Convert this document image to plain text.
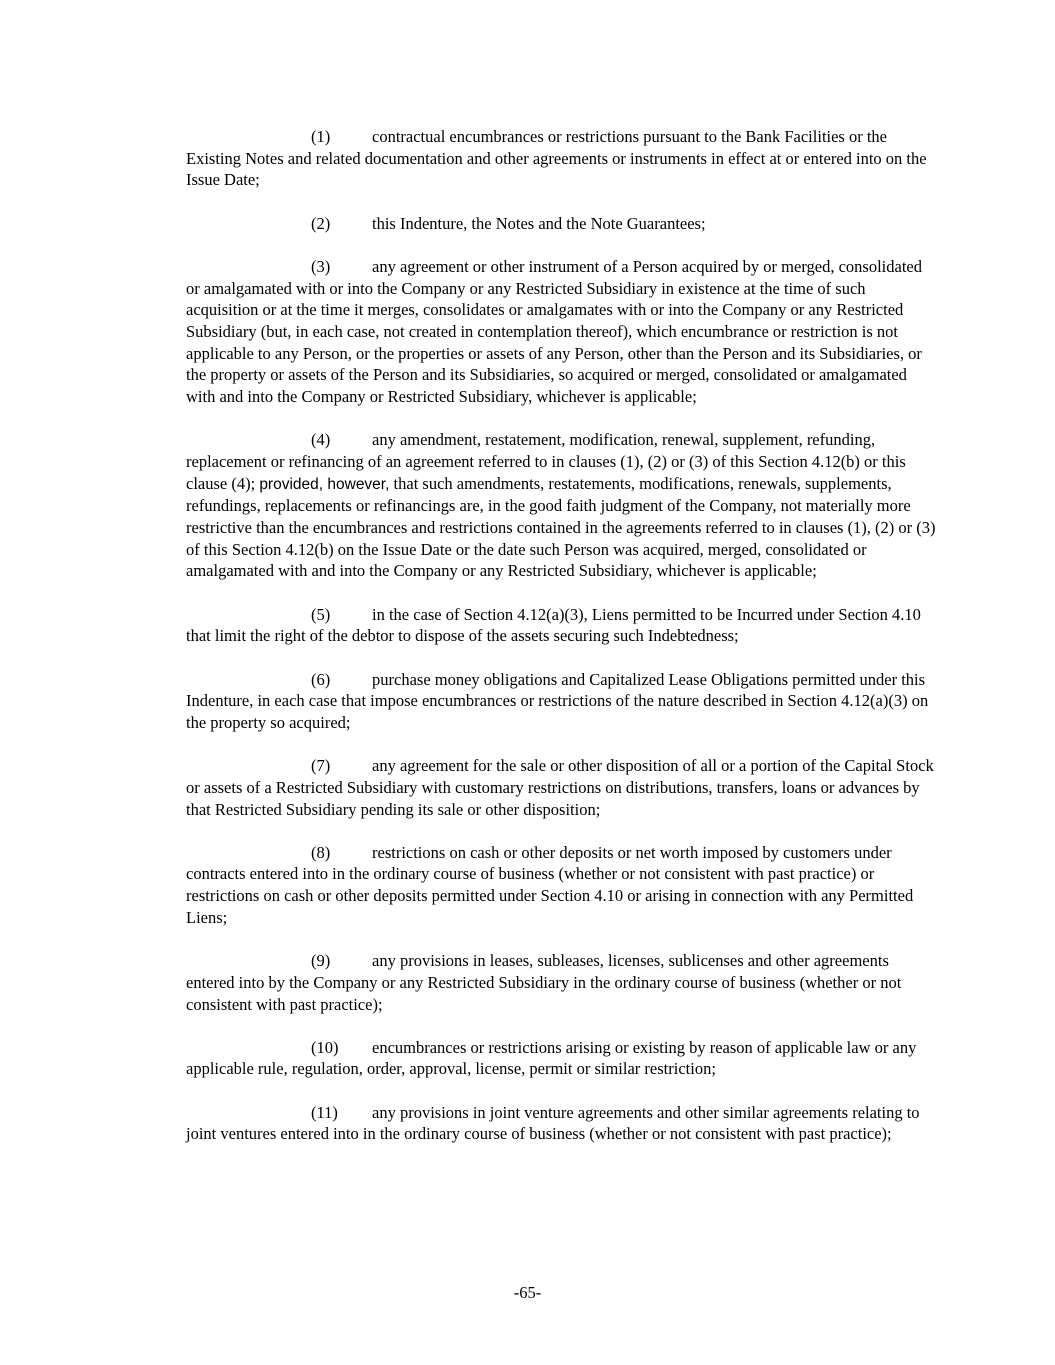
(1)	contractual encumbrances or restrictions pursuant to the Bank Facilities or the Existing Notes and related documentation and other agreements or instruments in effect at or entered into on the Issue Date;

(2)	this Indenture, the Notes and the Note Guarantees;

(3)	any agreement or other instrument of a Person acquired by or merged, consolidated or amalgamated with or into the Company or any Restricted Subsidiary in existence at the time of such acquisition or at the time it merges, consolidates or amalgamates with or into the Company or any Restricted Subsidiary (but, in each case, not created in contemplation thereof), which encumbrance or restriction is not applicable to any Person, or the properties or assets of any Person, other than the Person and its Subsidiaries, or the property or assets of the Person and its Subsidiaries, so acquired or merged, consolidated or amalgamated with and into the Company or Restricted Subsidiary, whichever is applicable;

(4)	any amendment, restatement, modification, renewal, supplement, refunding, replacement or refinancing of an agreement referred to in clauses (1), (2) or (3) of this Section 4.12(b) or this clause (4); provided, however, that such amendments, restatements, modifications, renewals, supplements, refundings, replacements or refinancings are, in the good faith judgment of the Company, not materially more restrictive than the encumbrances and restrictions contained in the agreements referred to in clauses (1), (2) or (3) of this Section 4.12(b) on the Issue Date or the date such Person was acquired, merged, consolidated or amalgamated with and into the Company or any Restricted Subsidiary, whichever is applicable;

(5)	in the case of Section 4.12(a)(3), Liens permitted to be Incurred under Section 4.10 that limit the right of the debtor to dispose of the assets securing such Indebtedness;

(6)	purchase money obligations and Capitalized Lease Obligations permitted under this Indenture, in each case that impose encumbrances or restrictions of the nature described in Section 4.12(a)(3) on the property so acquired;

(7)	any agreement for the sale or other disposition of all or a portion of the Capital Stock or assets of a Restricted Subsidiary with customary restrictions on distributions, transfers, loans or advances by that Restricted Subsidiary pending its sale or other disposition;

(8)	restrictions on cash or other deposits or net worth imposed by customers under contracts entered into in the ordinary course of business (whether or not consistent with past practice) or restrictions on cash or other deposits permitted under Section 4.10 or arising in connection with any Permitted Liens;

(9)	any provisions in leases, subleases, licenses, sublicenses and other agreements entered into by the Company or any Restricted Subsidiary in the ordinary course of business (whether or not consistent with past practice);

(10) encumbrances or restrictions arising or existing by reason of applicable law or any applicable rule, regulation, order, approval, license, permit or similar restriction;

(11) any provisions in joint venture agreements and other similar agreements relating to joint ventures entered into in the ordinary course of business (whether or not consistent with past practice);

-65-
